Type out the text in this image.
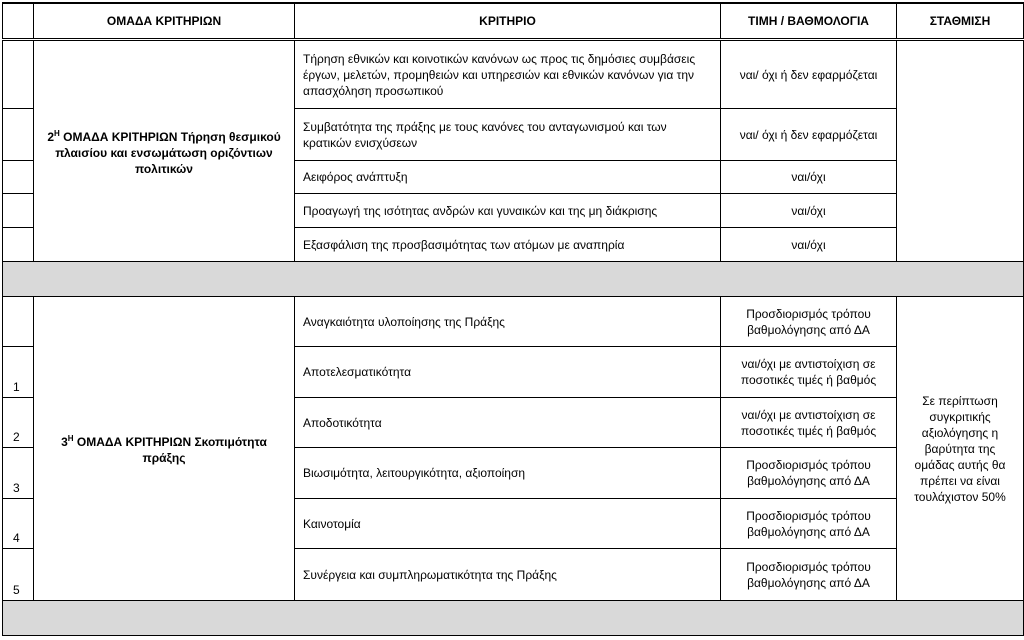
	ΟΜΑΔΑ ΚΡΙΤΗΡΙΩΝ	ΚΡΙΤΗΡΙΟ	ΤΙΜΗ / ΒΑΘΜΟΛΟΓΙΑ	ΣΤΑΘΜΙΣΗ
	$2^H$ ΟΜΑΔΑ ΚΡΙΤΗΡΙΩΝ Τήρηση θεσμικού πλαισίου και ενσωμάτωση οριζόντιων πολιτικών	Τήρηση εθνικών και κοινοτικών κανόνων ως προς τις δημόσιες συμβάσεις έργων, μελετών, προμηθειών και υπηρεσιών και εθνικών κανόνων για την απασχόληση προσωπικού	ναι/ όχι ή δεν εφαρμόζεται	
		Συμβατότητα της πράξης με τους κανόνες του ανταγωνισμού και των κρατικών ενισχύσεων	ναι/ όχι ή δεν εφαρμόζεται	
		Αειφόρος ανάπτυξη	ναι/όχι	
		Προαγωγή της ισότητας ανδρών και γυναικών και της μη διάκρισης	ναι/όχι	
		Εξασφάλιση της προσβασιμότητας των ατόμων με αναπηρία	ναι/όχι	

	$3^H$ ΟΜΑΔΑ ΚΡΙΤΗΡΙΩΝ Σκοπιμότητα πράξης	Αναγκαιότητα υλοποίησης της Πράξης	Προσδιορισμός τρόπου βαθμολόγησης από ΔΑ	Σε περίπτωση συγκριτικής αξιολόγησης η βαρύτητα της ομάδας αυτής θα πρέπει να είναι τουλάχιστον 50%
1		Αποτελεσματικότητα	ναι/όχι με αντιστοίχιση σε ποσοτικές τιμές ή βαθμός	
2		Αποδοτικότητα	ναι/όχι με αντιστοίχιση σε ποσοτικές τιμές ή βαθμός	
3		Βιωσιμότητα, λειτουργικότητα, αξιοποίηση	Προσδιορισμός τρόπου βαθμολόγησης από ΔΑ	
4		Καινοτομία	Προσδιορισμός τρόπου βαθμολόγησης από ΔΑ	
5		Συνέργεια και συμπληρωματικότητα της Πράξης	Προσδιορισμός τρόπου βαθμολόγησης από ΔΑ	
